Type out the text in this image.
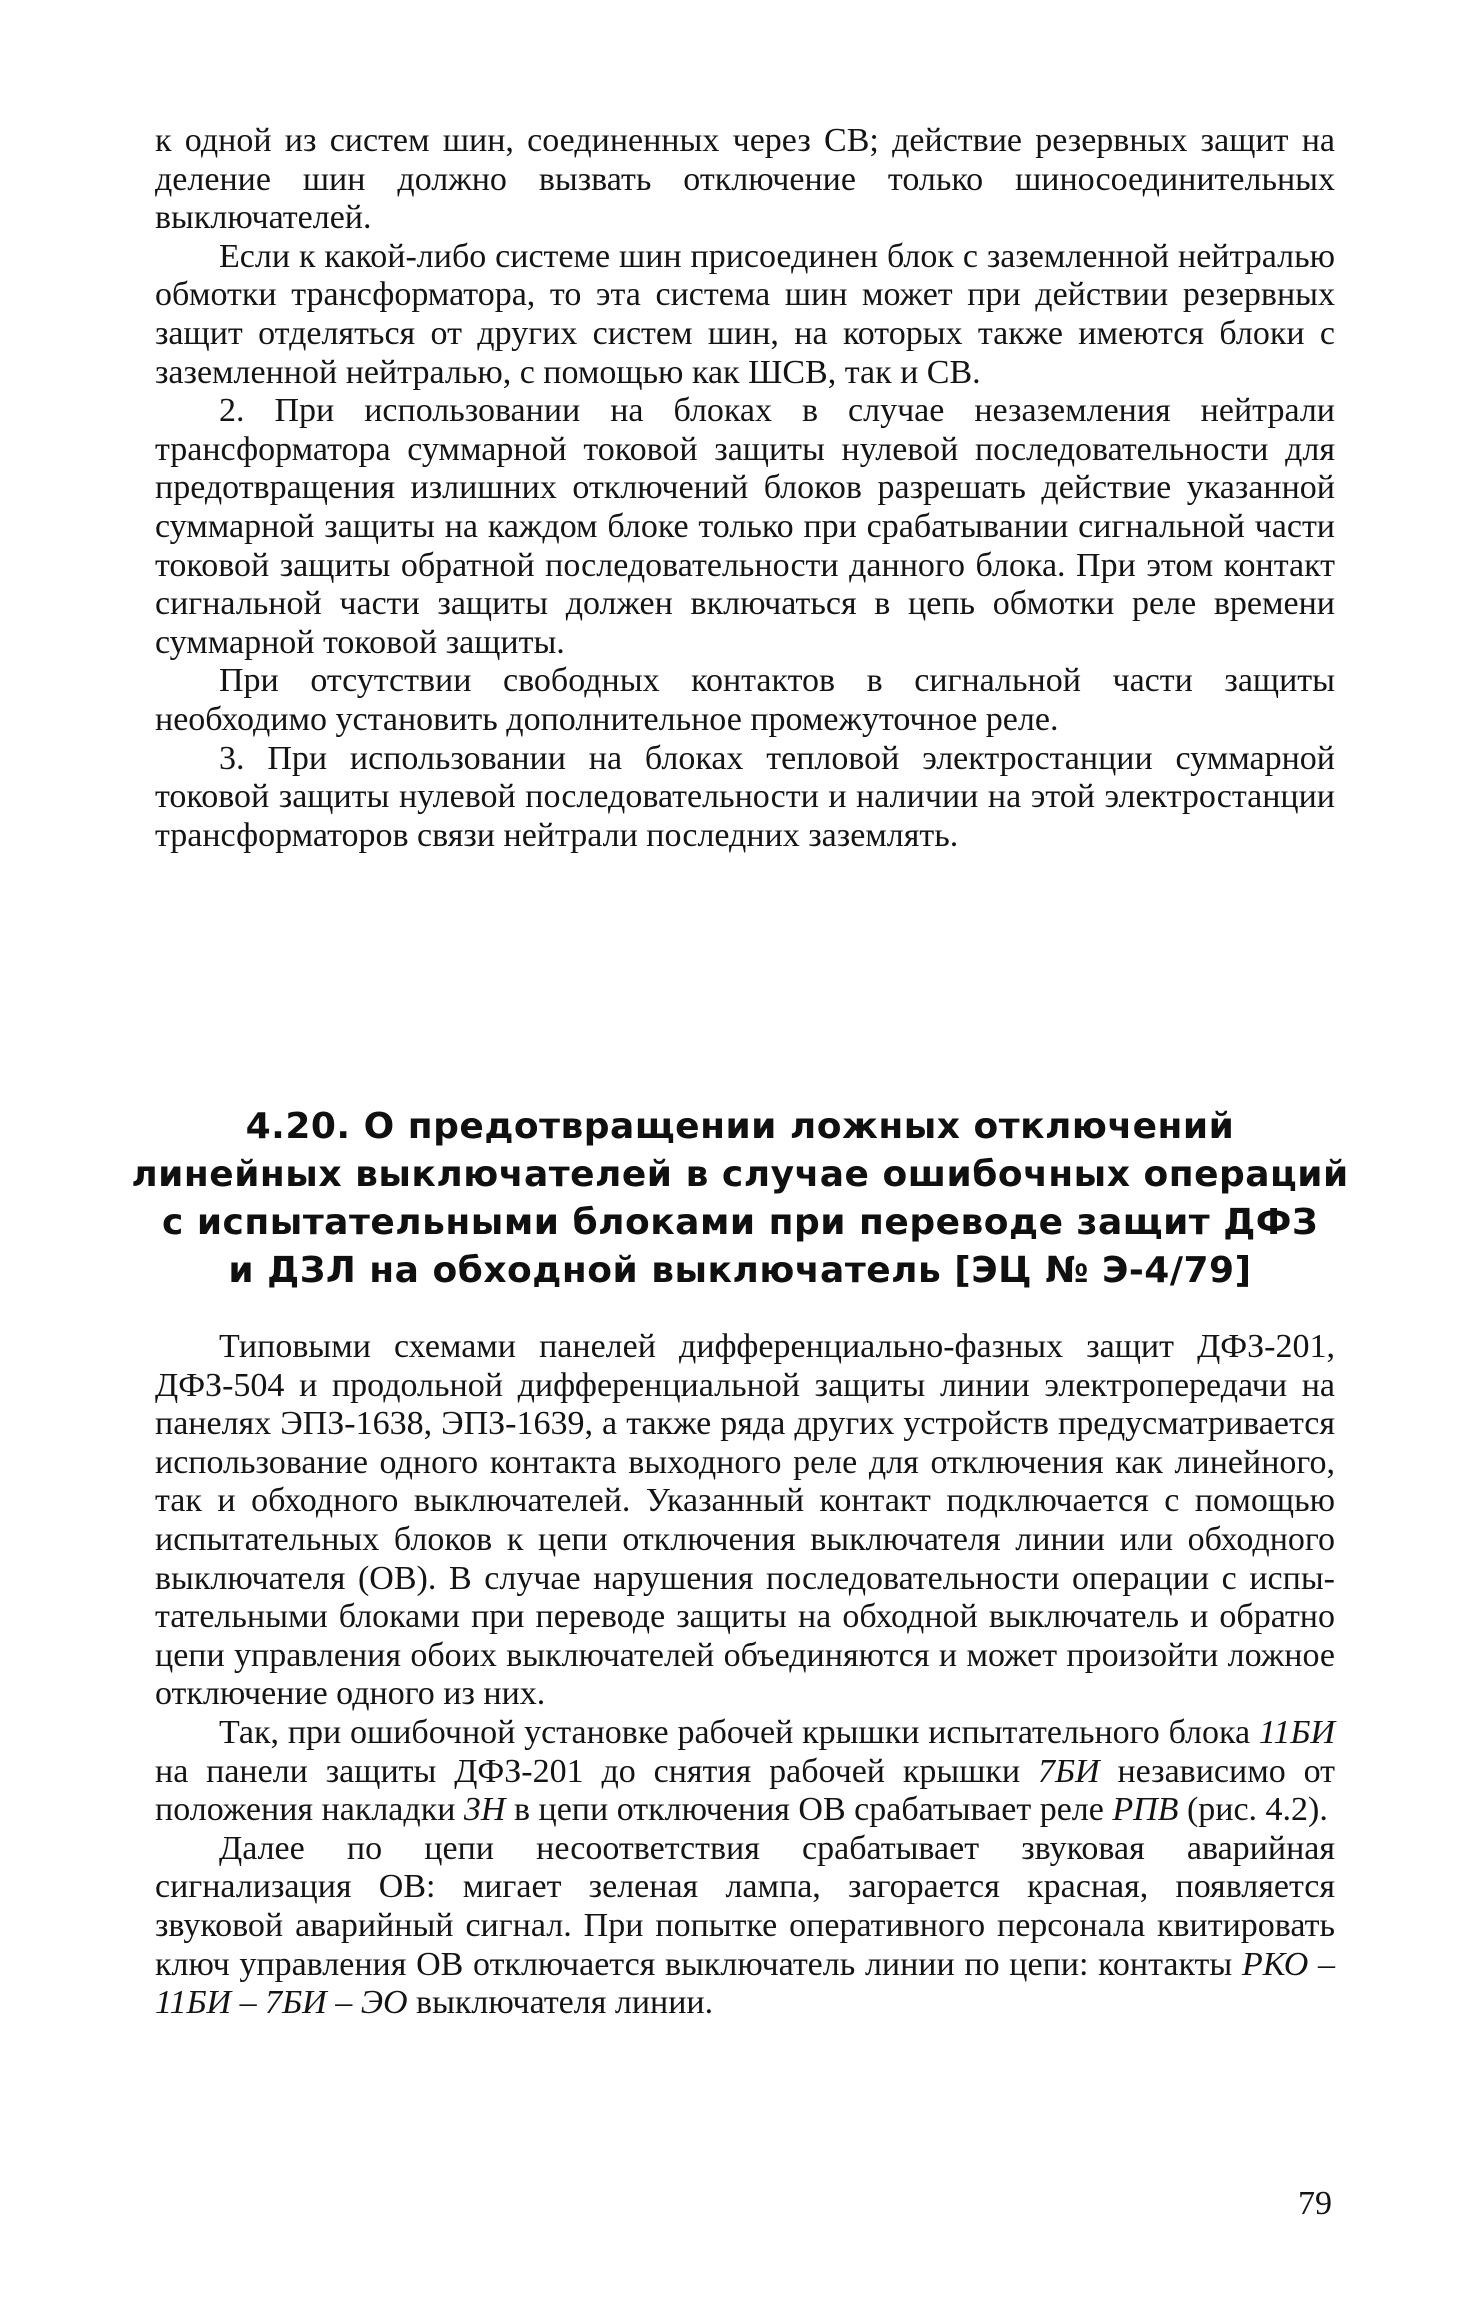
к одной из систем шин, соединенных через СВ; действие резервных защит на деление шин должно вызвать отключение только шиносоединительных выключателей.

Если к какой-либо системе шин присоединен блок с заземленной нейтралью обмотки трансформатора, то эта система шин может при действии резервных защит отделяться от других систем шин, на которых также имеются блоки с заземленной нейтралью, с помощью как ШСВ, так и СВ.

2. При использовании на блоках в случае незаземления нейтрали трансформатора суммарной токовой защиты нулевой последовательности для предотвращения излишних отключений блоков разрешать действие указанной суммарной защиты на каждом блоке только при срабатывании сигнальной части токовой защиты обратной последовательности данного блока. При этом контакт сигнальной части защиты должен включаться в цепь обмотки реле времени суммарной токовой защиты.

При отсутствии свободных контактов в сигнальной части защиты необходимо установить дополнительное промежуточное реле.

3. При использовании на блоках тепловой электростанции суммарной токовой защиты нулевой последовательности и наличии на этой электростанции трансформаторов связи нейтрали последних заземлять.

4.20. О предотвращении ложных отключений
линейных выключателей в случае ошибочных операций
с испытательными блоками при переводе защит ДФЗ
и ДЗЛ на обходной выключатель [ЭЦ № Э-4/79]

Типовыми схемами панелей дифференциально-фазных защит ДФЗ-201, ДФЗ-504 и продольной дифференциальной защиты линии электропередачи на панелях ЭПЗ-1638, ЭПЗ-1639, а также ряда других устройств предусматривается использование одного контакта выходного реле для отключения как линейного, так и обходного выключателей. Указанный контакт подключается с помощью испытательных блоков к цепи отключения выключателя линии или обходного выключателя (ОВ). В случае нарушения последовательности операции с испытательными блоками при переводе защиты на обходной выключатель и обратно цепи управления обоих выключателей объединяются и может произойти ложное отключение одного из них.

Так, при ошибочной установке рабочей крышки испытательного блока 11БИ на панели защиты ДФЗ-201 до снятия рабочей крышки 7БИ независимо от положения накладки 3Н в цепи отключения ОВ срабатывает реле РПВ (рис. 4.2).

Далее по цепи несоответствия срабатывает звуковая аварийная сигнализация ОВ: мигает зеленая лампа, загорается красная, появляется звуковой аварийный сигнал. При попытке оперативного персонала квитировать ключ управления ОВ отключается выключатель линии по цепи: контакты РКО – 11БИ – 7БИ – ЭО выключателя линии.

79
